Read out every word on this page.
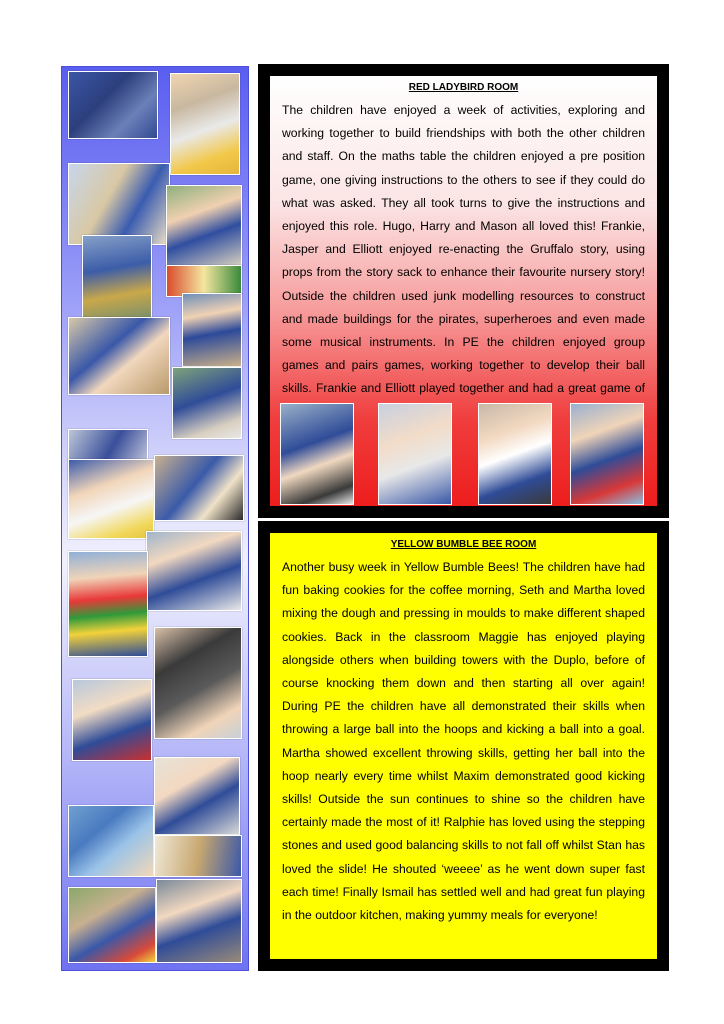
RED LADYBIRD ROOM

The children have enjoyed a week of activities, exploring and working together to build friendships with both the other children and staff. On the maths table the children enjoyed a pre position game, one giving instructions to the others to see if they could do what was asked. They all took turns to give the instructions and enjoyed this role. Hugo, Harry and Mason all loved this! Frankie, Jasper and Elliott enjoyed re-enacting the Gruffalo story, using props from the story sack to enhance their favourite nursery story! Outside the children used junk modelling resources to construct and made buildings for the pirates, superheroes and even made some musical instruments. In PE the children enjoyed group games and pairs games, working together to develop their ball skills. Frankie and Elliott played together and had a great game of

YELLOW BUMBLE BEE ROOM

Another busy week in Yellow Bumble Bees! The children have had fun baking cookies for the coffee morning, Seth and Martha loved mixing the dough and pressing in moulds to make different shaped cookies. Back in the classroom Maggie has enjoyed playing alongside others when building towers with the Duplo, before of course knocking them down and then starting all over again! During PE the children have all demonstrated their skills when throwing a large ball into the hoops and kicking a ball into a goal. Martha showed excellent throwing skills, getting her ball into the hoop nearly every time whilst Maxim demonstrated good kicking skills! Outside the sun continues to shine so the children have certainly made the most of it! Ralphie has loved using the stepping stones and used good balancing skills to not fall off whilst Stan has loved the slide! He shouted ‘weeee’ as he went down super fast each time! Finally Ismail has settled well and had great fun playing in the outdoor kitchen, making yummy meals for everyone!
